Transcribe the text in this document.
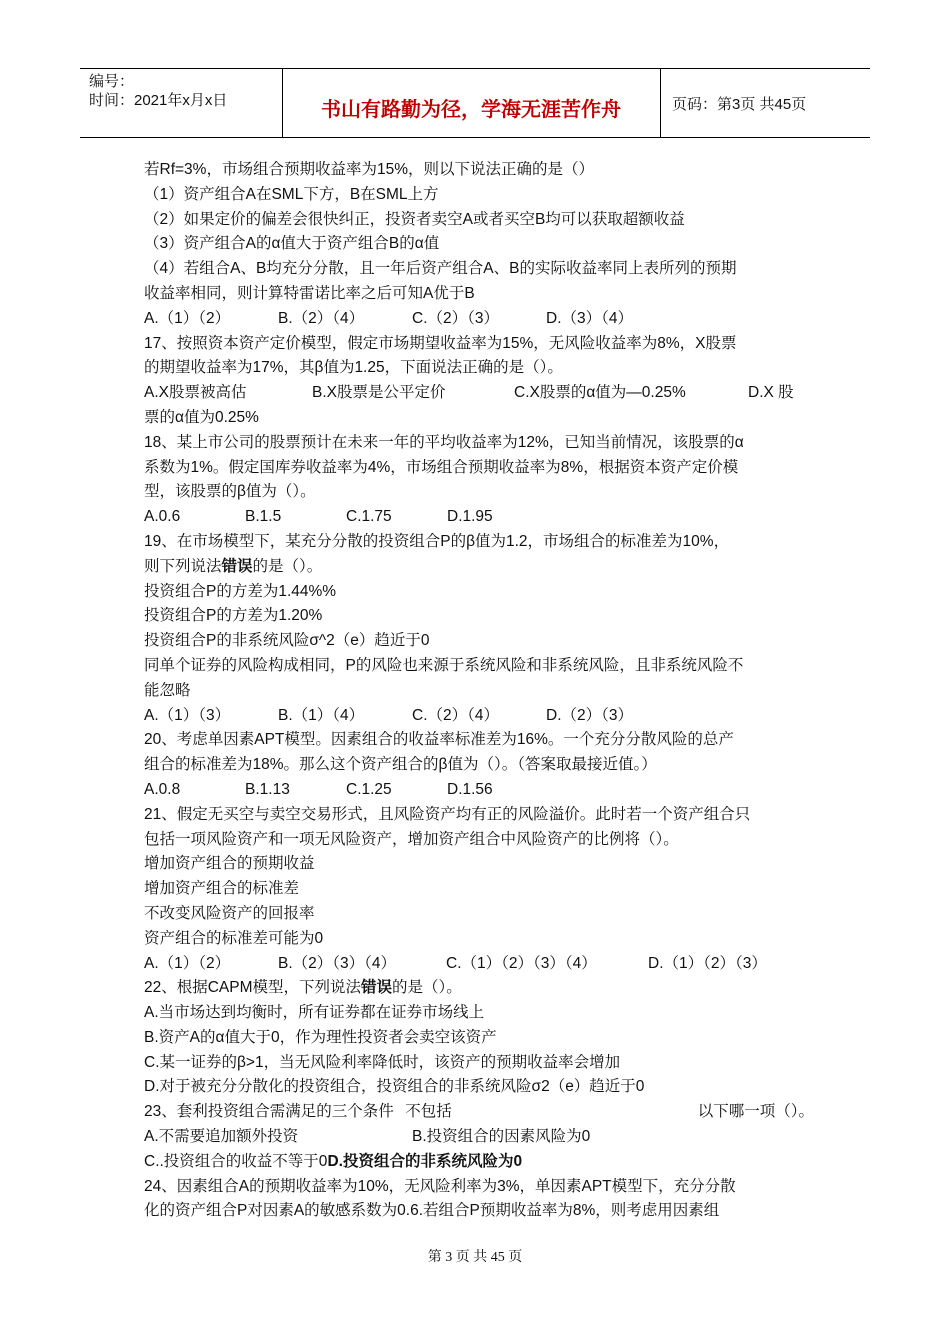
编号：
时间：2021年x月x日	书山有路勤为径，学海无涯苦作舟	页码：第3页 共45页
若Rf=3%，市场组合预期收益率为15%，则以下说法正确的是（）
（1）资产组合A在SML下方，B在SML上方
（2）如果定价的偏差会很快纠正，投资者卖空A或者买空B均可以获取超额收益
（3）资产组合A的α值大于资产组合B的α值
（4）若组合A、B均充分分散，且一年后资产组合A、B的实际收益率同上表所列的预期
收益率相同，则计算特雷诺比率之后可知A优于B
A.（1）（2）	B.（2）（4）	C.（2）（3）	D.（3）（4）
17、按照资本资产定价模型，假定市场期望收益率为15%，无风险收益率为8%，X股票
的期望收益率为17%，其β值为1.25，下面说法正确的是（）。
A.X股票被高估	B.X股票是公平定价	C.X股票的α值为—0.25%	D.X 股
票的α值为0.25%
18、某上市公司的股票预计在未来一年的平均收益率为12%，已知当前情况，该股票的α
系数为1%。假定国库券收益率为4%，市场组合预期收益率为8%，根据资本资产定价模
型，该股票的β值为（）。
A.0.6	B.1.5	C.1.75	D.1.95
19、在市场模型下，某充分分散的投资组合P的β值为1.2，市场组合的标准差为10%，
则下列说法错误的是（）。
投资组合P的方差为1.44%%
投资组合P的方差为1.20%
投资组合P的非系统风险σ^2（e）趋近于0
同单个证券的风险构成相同，P的风险也来源于系统风险和非系统风险，且非系统风险不
能忽略
A.（1）（3）	B.（1）（4）	C.（2）（4）	D.（2）（3）
20、考虑单因素APT模型。因素组合的收益率标准差为16%。一个充分分散风险的总产
组合的标准差为18%。那么这个资产组合的β值为（）。（答案取最接近值。）
A.0.8	B.1.13	C.1.25	D.1.56
21、假定无买空与卖空交易形式，且风险资产均有正的风险溢价。此时若一个资产组合只
包括一项风险资产和一项无风险资产，增加资产组合中风险资产的比例将（）。
增加资产组合的预期收益
增加资产组合的标准差
不改变风险资产的回报率
资产组合的标准差可能为0
A.（1）（2）	B.（2）（3）（4）	C.（1）（2）（3）（4）	D.（1）（2）（3）
22、根据CAPM模型，下列说法错误的是（）。
A.当市场达到均衡时，所有证券都在证券市场线上
B.资产A的α值大于0，作为理性投资者会卖空该资产
C.某一证券的β>1，当无风险利率降低时，该资产的预期收益率会增加
D.对于被充分分散化的投资组合，投资组合的非系统风险σ2（e）趋近于0
23、套利投资组合需满足的三个条件 不包括	以下哪一项（）。
A.不需要追加额外投资	B.投资组合的因素风险为0
C..投资组合的收益不等于0D.投资组合的非系统风险为0
24、因素组合A的预期收益率为10%，无风险利率为3%，单因素APT模型下，充分分散
化的资产组合P对因素A的敏感系数为0.6.若组合P预期收益率为8%，则考虑用因素组
第 3 页 共 45 页
